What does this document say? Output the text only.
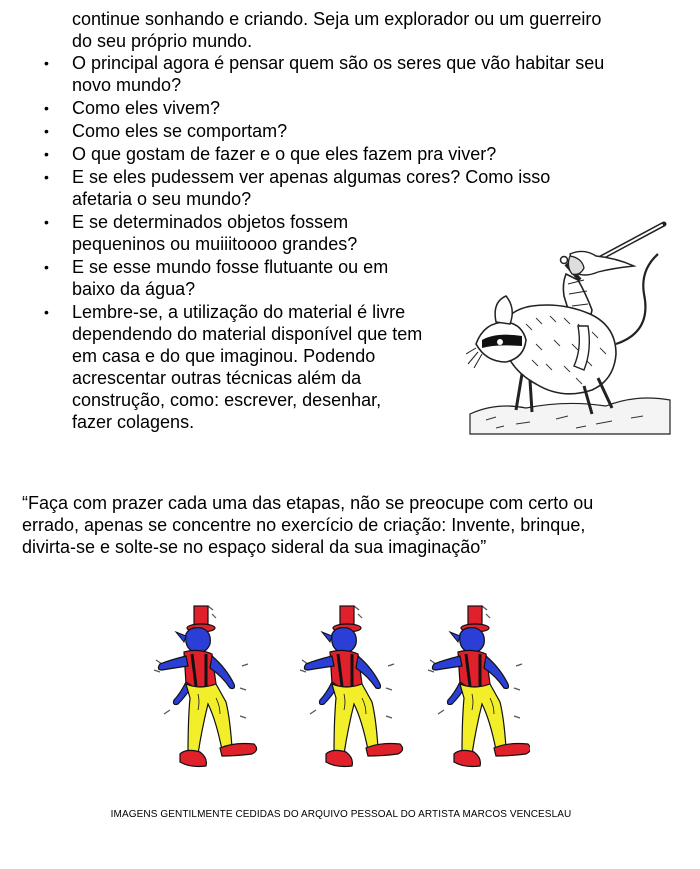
continue sonhando e criando. Seja um explorador ou um guerreiro
do seu próprio mundo.
• O principal agora é pensar quem são os seres que vão habitar seu
novo mundo?
• Como eles vivem?
• Como eles se comportam?
• O que gostam de fazer e o que eles fazem pra viver?
• E se eles pudessem ver apenas algumas cores? Como isso
afetaria o seu mundo?
• E se determinados objetos fossem
pequeninos ou muiiitoooo grandes?
• E se esse mundo fosse flutuante ou em
baixo da água?
• Lembre-se, a utilização do material é livre
dependendo do material disponível que tem
em casa e do que imaginou. Podendo
acrescentar outras técnicas além da
construção, como: escrever, desenhar,
fazer colagens.
“Faça com prazer cada uma das etapas, não se preocupe com certo ou
errado, apenas se concentre no exercício de criação: Invente, brinque,
divirta-se e solte-se no espaço sideral da sua imaginação”
IMAGENS GENTILMENTE CEDIDAS DO ARQUIVO PESSOAL DO ARTISTA MARCOS VENCESLAU
